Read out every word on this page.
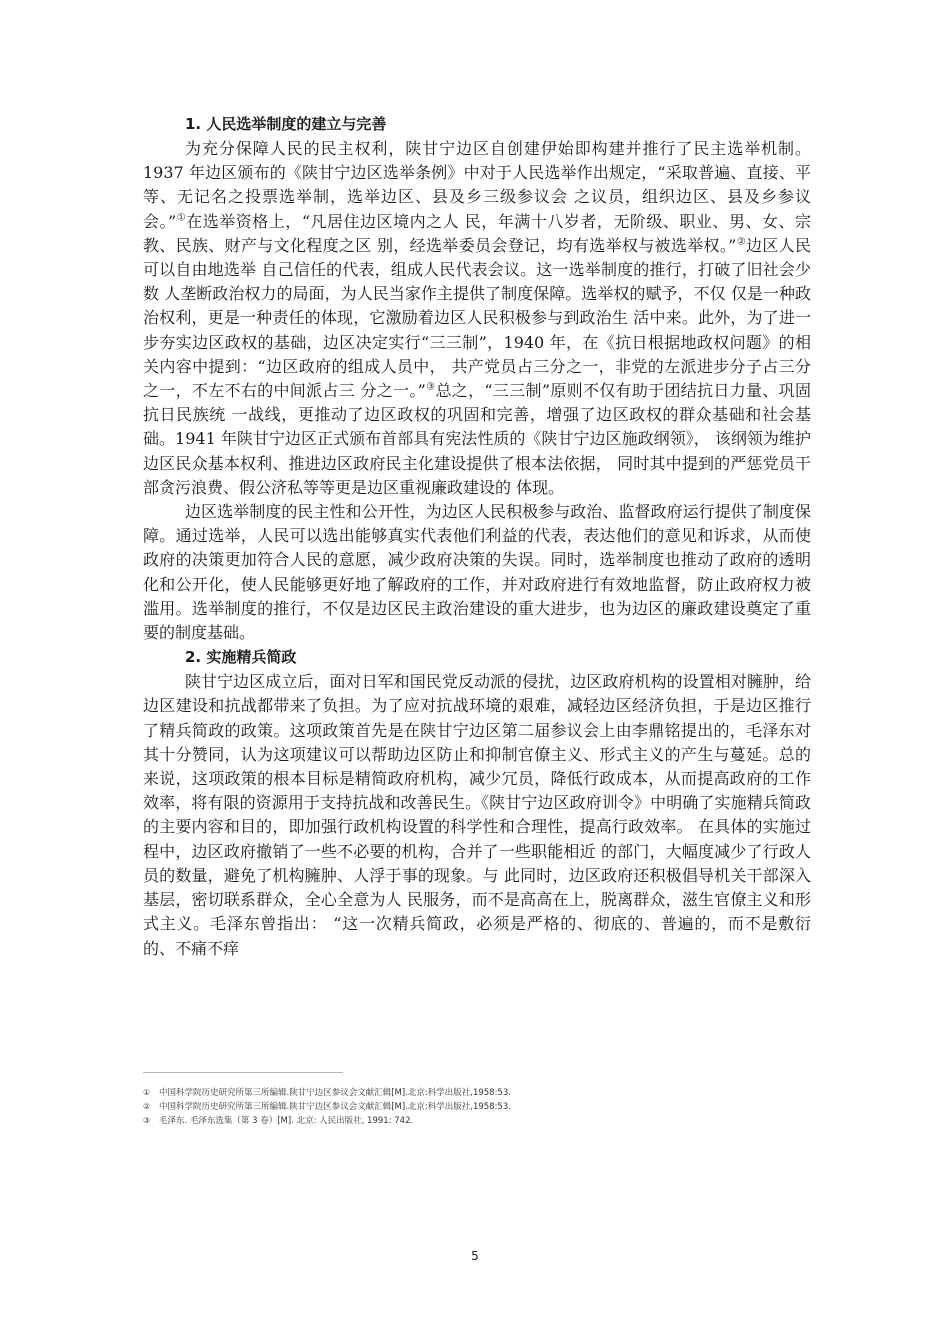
1. 人民选举制度的建立与完善

为充分保障人民的民主权利，陕甘宁边区自创建伊始即构建并推行了民主选举机制。1937 年边区颁布的《陕甘宁边区选举条例》中对于人民选举作出规定，“采取普遍、直接、平等、无记名之投票选举制，选举边区、县及乡三级参议会 之议员，组织边区、县及乡参议会。”①在选举资格上，“凡居住边区境内之人 民，年满十八岁者，无阶级、职业、男、女、宗教、民族、财产与文化程度之区 别，经选举委员会登记，均有选举权与被选举权。”②边区人民可以自由地选举 自己信任的代表，组成人民代表会议。这一选举制度的推行，打破了旧社会少数 人垄断政治权力的局面，为人民当家作主提供了制度保障。选举权的赋予，不仅 仅是一种政治权利，更是一种责任的体现，它激励着边区人民积极参与到政治生 活中来。此外，为了进一步夯实边区政权的基础，边区决定实行“三三制”，1940 年，在《抗日根据地政权问题》的相关内容中提到：“边区政府的组成人员中， 共产党员占三分之一，非党的左派进步分子占三分之一，不左不右的中间派占三 分之一。”③总之，“三三制”原则不仅有助于团结抗日力量、巩固抗日民族统 一战线，更推动了边区政权的巩固和完善，增强了边区政权的群众基础和社会基 础。1941 年陕甘宁边区正式颁布首部具有宪法性质的《陕甘宁边区施政纲领》， 该纲领为维护边区民众基本权利、推进边区政府民主化建设提供了根本法依据， 同时其中提到的严惩党员干部贪污浪费、假公济私等等更是边区重视廉政建设的 体现。

边区选举制度的民主性和公开性，为边区人民积极参与政治、监督政府运行提供了制度保障。通过选举，人民可以选出能够真实代表他们利益的代表，表达他们的意见和诉求，从而使政府的决策更加符合人民的意愿，减少政府决策的失误。同时，选举制度也推动了政府的透明化和公开化，使人民能够更好地了解政府的工作，并对政府进行有效地监督，防止政府权力被滥用。选举制度的推行，不仅是边区民主政治建设的重大进步，也为边区的廉政建设奠定了重要的制度基础。

2. 实施精兵简政

陕甘宁边区成立后，面对日军和国民党反动派的侵扰，边区政府机构的设置相对臃肿，给边区建设和抗战都带来了负担。为了应对抗战环境的艰难，减轻边区经济负担，于是边区推行了精兵简政的政策。这项政策首先是在陕甘宁边区第二届参议会上由李鼎铭提出的，毛泽东对其十分赞同，认为这项建议可以帮助边区防止和抑制官僚主义、形式主义的产生与蔓延。总的来说，这项政策的根本目标是精简政府机构，减少冗员，降低行政成本，从而提高政府的工作效率，将有限的资源用于支持抗战和改善民生。《陕甘宁边区政府训令》中明确了实施精兵简政的主要内容和目的，即加强行政机构设置的科学性和合理性，提高行政效率。 在具体的实施过程中，边区政府撤销了一些不必要的机构，合并了一些职能相近 的部门，大幅度减少了行政人员的数量，避免了机构臃肿、人浮于事的现象。与 此同时，边区政府还积极倡导机关干部深入基层，密切联系群众，全心全意为人 民服务，而不是高高在上，脱离群众，滋生官僚主义和形式主义。毛泽东曾指出： “这一次精兵简政，必须是严格的、彻底的、普遍的，而不是敷衍的、不痛不痒

① 中国科学院历史研究所第三所编辑.陕甘宁边区参议会文献汇辑[M].北京:科学出版社,1958:53.

② 中国科学院历史研究所第三所编辑.陕甘宁边区参议会文献汇辑[M].北京:科学出版社,1958:53.

③ 毛泽东. 毛泽东选集（第 3 卷）[M]. 北京: 人民出版社, 1991: 742.

5
